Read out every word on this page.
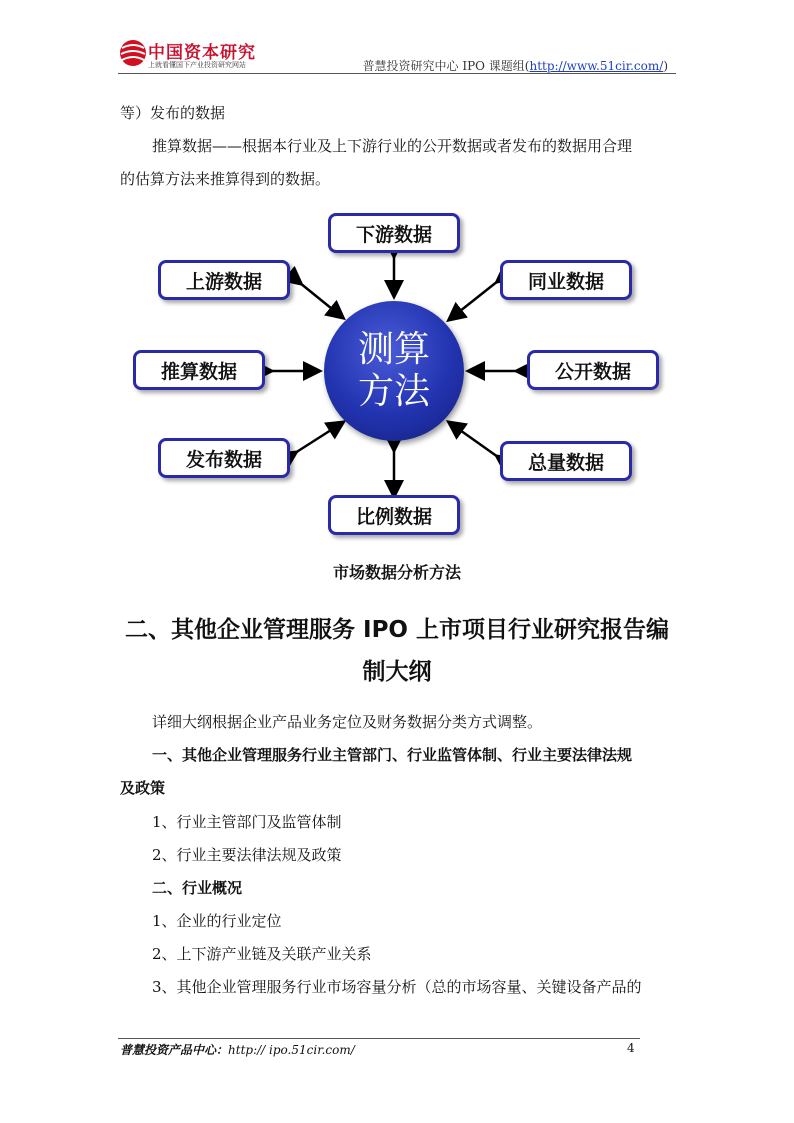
中国资本研究
上就看懂国下产业投资研究网站	普慧投资研究中心 IPO 课题组(http://www.51cir.com/)
等）发布的数据
推算数据——根据本行业及上下游行业的公开数据或者发布的数据用合理
的估算方法来推算得到的数据。
下游数据
上游数据	同业数据
推算数据	公开数据
发布数据	总量数据
比例数据
测算
方法
市场数据分析方法
二、其他企业管理服务 IPO 上市项目行业研究报告编
制大纲
详细大纲根据企业产品业务定位及财务数据分类方式调整。
一、其他企业管理服务行业主管部门、行业监管体制、行业主要法律法规
及政策
1、行业主管部门及监管体制
2、行业主要法律法规及政策
二、行业概况
1、企业的行业定位
2、上下游产业链及关联产业关系
3、其他企业管理服务行业市场容量分析（总的市场容量、关键设备产品的
普慧投资产品中心：http:// ipo.51cir.com/	4
